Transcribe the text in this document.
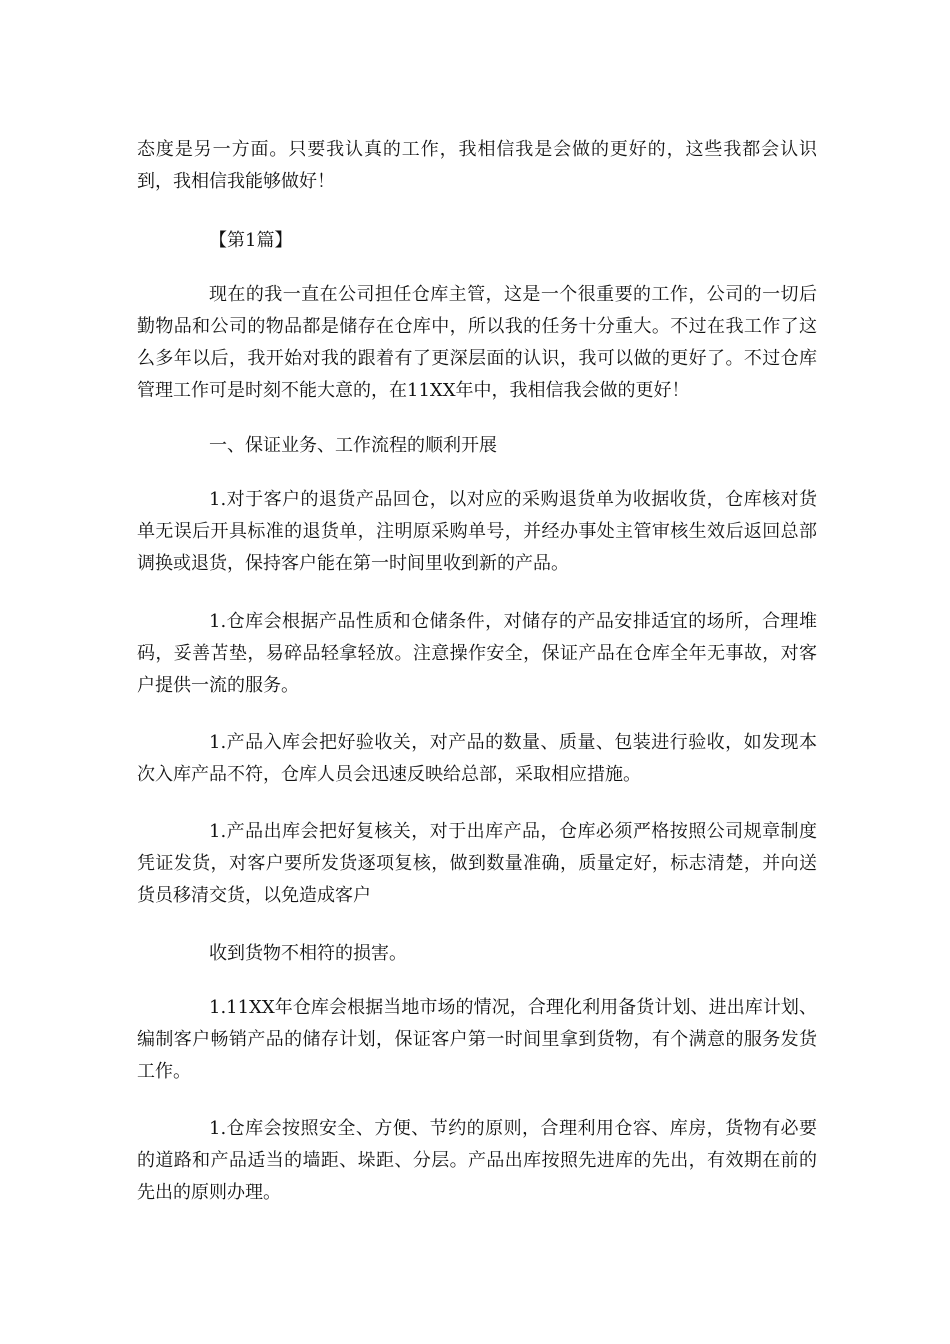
态度是另一方面。只要我认真的工作，我相信我是会做的更好的，这些我都会认识到，我相信我能够做好！

【第1篇】

现在的我一直在公司担任仓库主管，这是一个很重要的工作，公司的一切后勤物品和公司的物品都是储存在仓库中，所以我的任务十分重大。不过在我工作了这么多年以后，我开始对我的跟着有了更深层面的认识，我可以做的更好了。不过仓库管理工作可是时刻不能大意的，在11XX年中，我相信我会做的更好！

一、保证业务、工作流程的顺利开展

1.对于客户的退货产品回仓，以对应的采购退货单为收据收货，仓库核对货单无误后开具标准的退货单，注明原采购单号，并经办事处主管审核生效后返回总部调换或退货，保持客户能在第一时间里收到新的产品。

1.仓库会根据产品性质和仓储条件，对储存的产品安排适宜的场所，合理堆码，妥善苫垫，易碎品轻拿轻放。注意操作安全，保证产品在仓库全年无事故，对客户提供一流的服务。

1.产品入库会把好验收关，对产品的数量、质量、包装进行验收，如发现本次入库产品不符，仓库人员会迅速反映给总部，采取相应措施。

1.产品出库会把好复核关，对于出库产品，仓库必须严格按照公司规章制度凭证发货，对客户要所发货逐项复核，做到数量准确，质量定好，标志清楚，并向送货员移清交货，以免造成客户

收到货物不相符的损害。

1.11XX年仓库会根据当地市场的情况，合理化利用备货计划、进出库计划、编制客户畅销产品的储存计划，保证客户第一时间里拿到货物，有个满意的服务发货工作。

1.仓库会按照安全、方便、节约的原则，合理利用仓容、库房，货物有必要的道路和产品适当的墙距、垛距、分层。产品出库按照先进库的先出，有效期在前的先出的原则办理。
